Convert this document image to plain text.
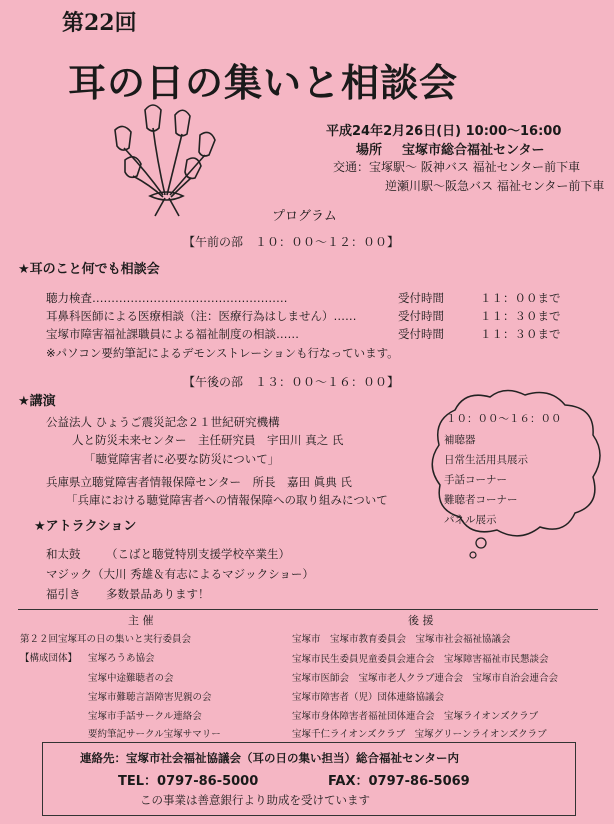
第22回
耳の日の集いと相談会
平成24年2月26日(日) 10:00～16:00
場所 宝塚市総合福祉センター
交通：宝塚駅～ 阪神バス 福祉センター前下車
逆瀬川駅～阪急バス 福祉センター前下車
プログラム
【午前の部　１０：００～１２：００】
★耳のこと何でも相談会
聴力検査……………………………………………	受付時間	１１：００まで
耳鼻科医師による医療相談（注：医療行為はしません）……	受付時間	１１：３０まで
宝塚市障害福祉課職員による福祉制度の相談……	受付時間	１１：３０まで
※パソコン要約筆記によるデモンストレーションも行なっています。
【午後の部　１３：００～１６：００】
★講演
公益法人 ひょうご震災記念２１世紀研究機構
人と防災未来センター　主任研究員　宇田川 真之 氏
「聴覚障害者に必要な防災について」
兵庫県立聴覚障害者情報保障センター　所長　嘉田 眞典 氏
「兵庫における聴覚障害者への情報保障への取り組みについて
★アトラクション
和太鼓 （こばと聴覚特別支援学校卒業生）
マジック （大川 秀雄＆有志によるマジックショー）
福引き 多数景品あります！
１０：００～１６：００
補聴器
日常生活用具展示
手話コーナー
難聴者コーナー
パネル展示
主 催
第２２回宝塚耳の日の集いと実行委員会
【構成団体】 宝塚ろうあ協会
宝塚中途難聴者の会
宝塚市難聴言語障害児親の会
宝塚市手話サークル連絡会
要約筆記サークル宝塚サマリー
後 援
宝塚市　宝塚市教育委員会　宝塚市社会福祉協議会
宝塚市民生委員児童委員会連合会　宝塚障害福祉市民懇談会
宝塚市医師会　宝塚市老人クラブ連合会　宝塚市自治会連合会
宝塚市障害者（児）団体連絡協議会
宝塚市身体障害者福祉団体連合会　宝塚ライオンズクラブ
宝塚千仁ライオンズクラブ　宝塚グリーンライオンズクラブ
連絡先：宝塚市社会福祉協議会（耳の日の集い担当）総合福祉センター内
TEL：0797-86-5000	FAX：0797-86-5069
この事業は善意銀行より助成を受けています
